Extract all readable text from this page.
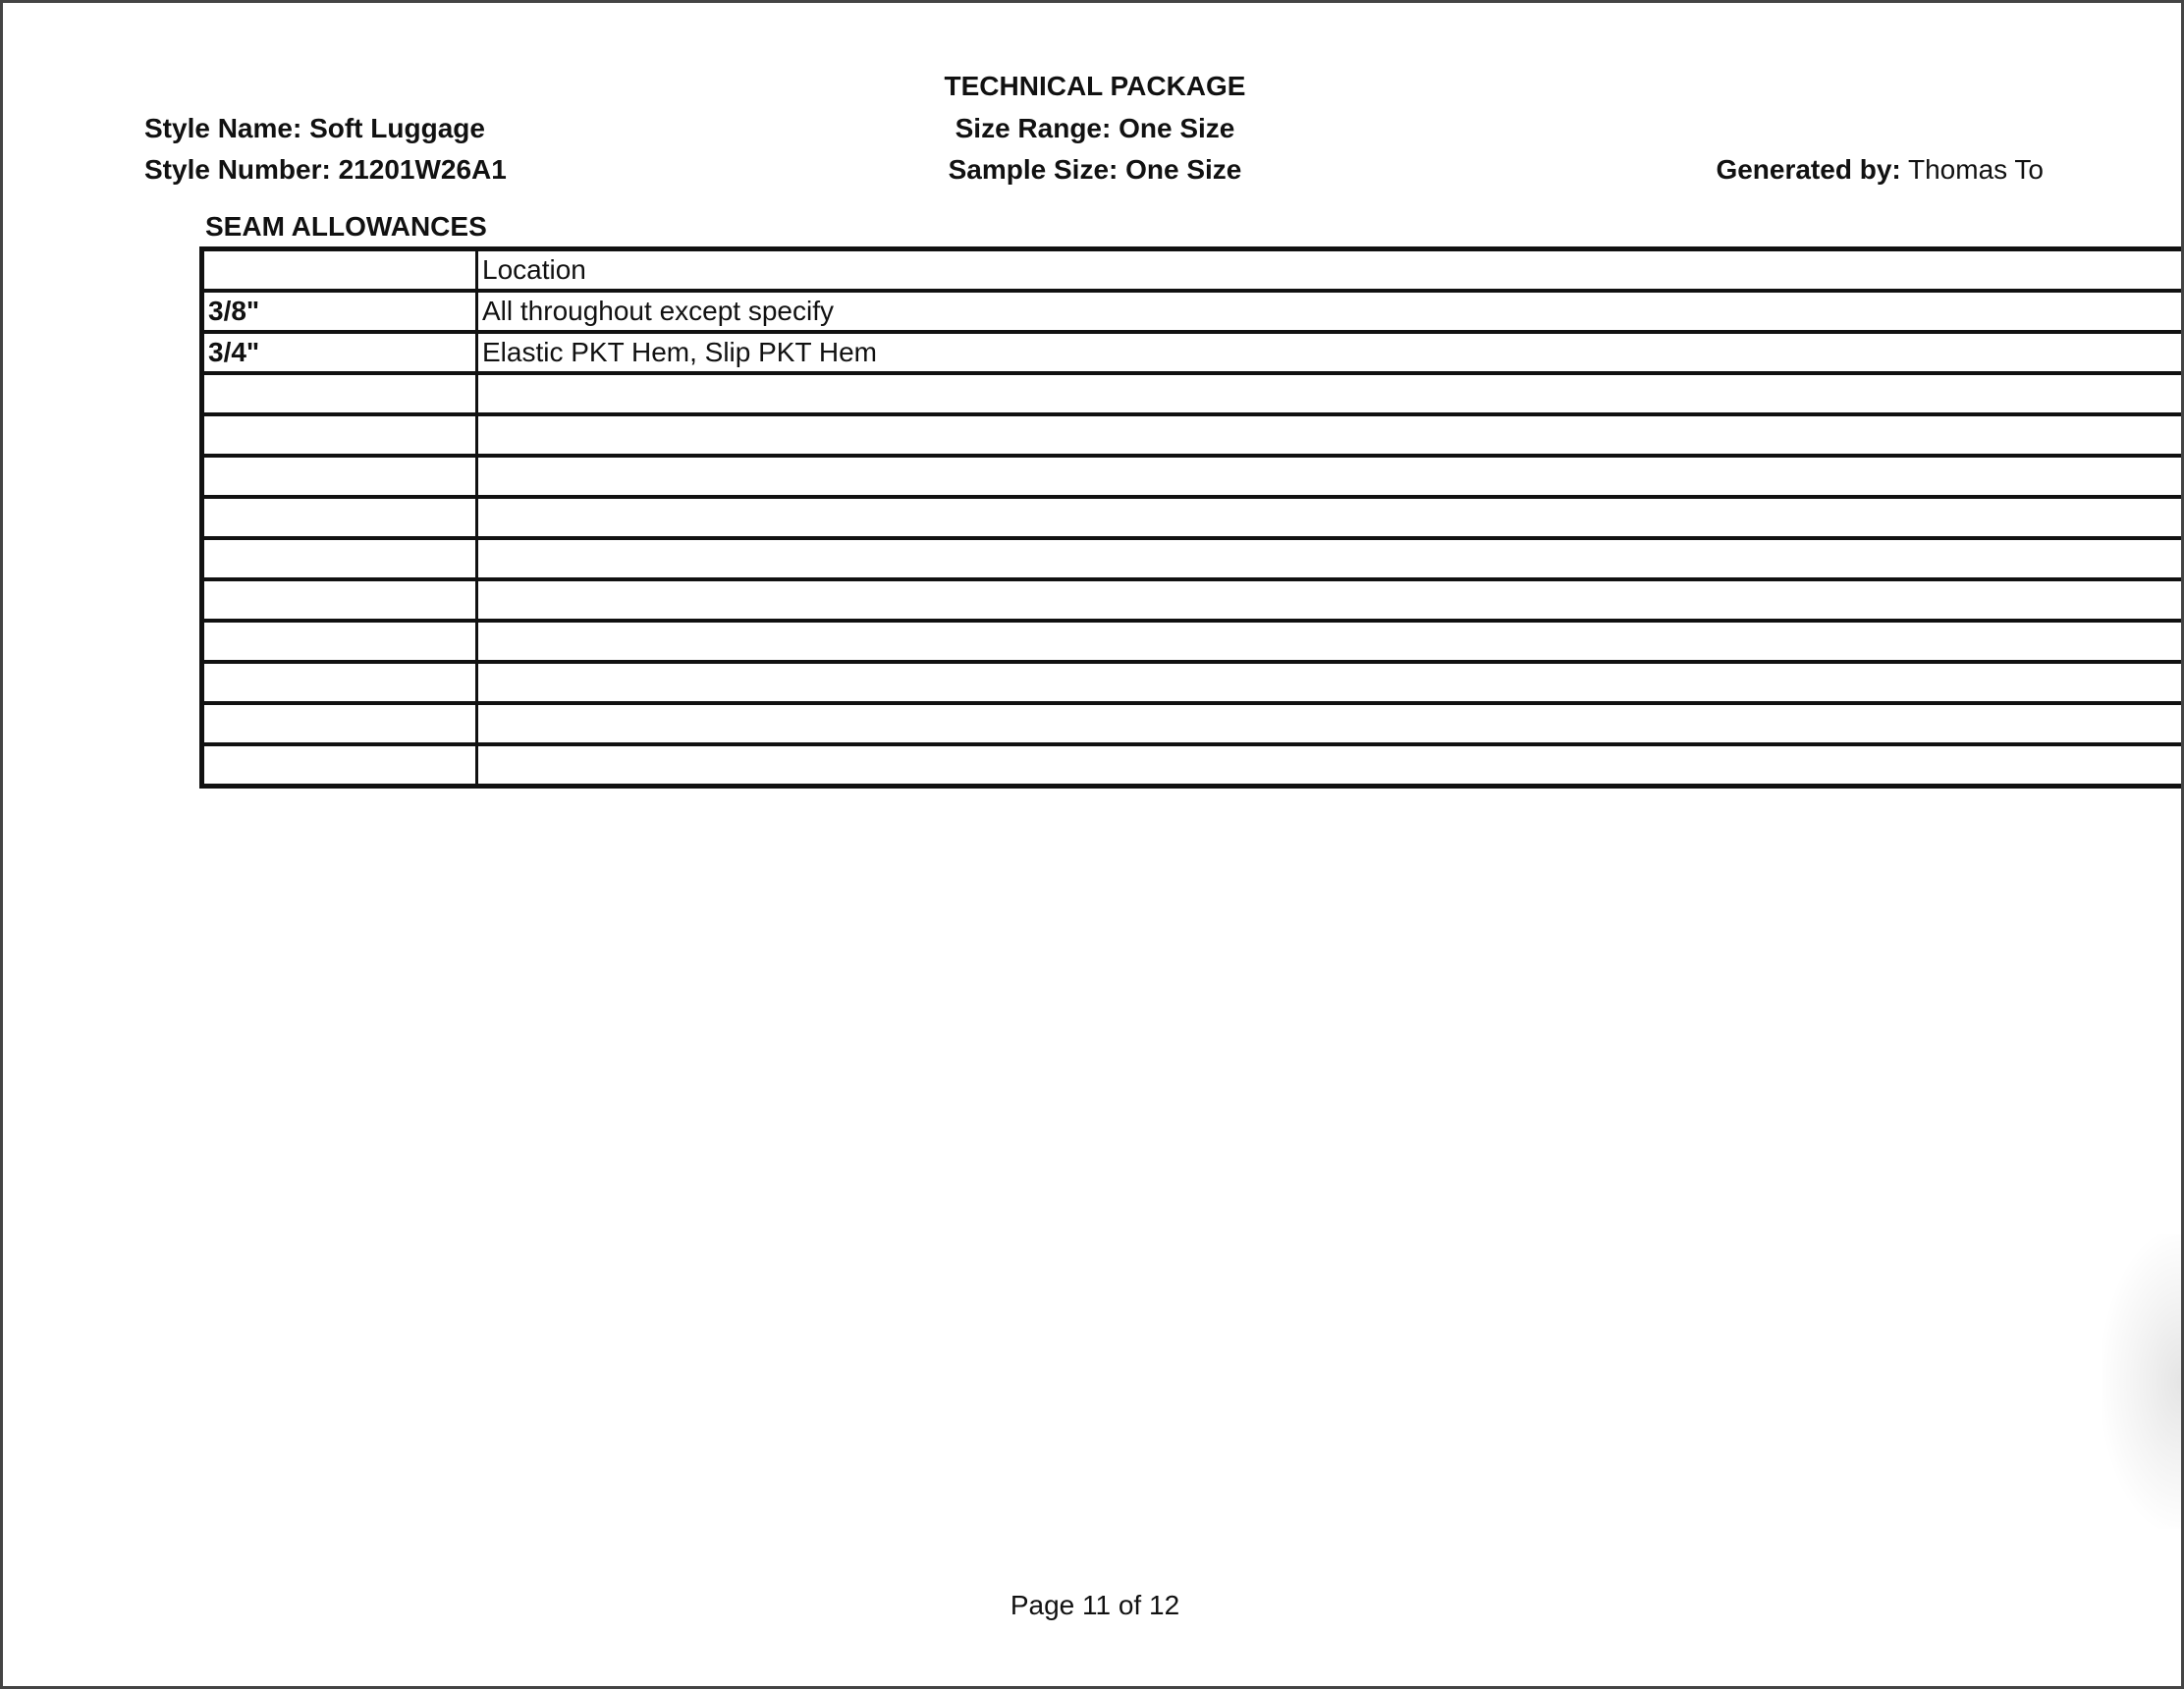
TECHNICAL PACKAGE
Style Name: Soft Luggage	Size Range: One Size
Style Number: 21201W26A1	Sample Size: One Size	Generated by: Thomas To
SEAM ALLOWANCES
	Location
3/8"	All throughout except specify
3/4"	Elastic PKT Hem, Slip PKT Hem

Page 11 of 12
